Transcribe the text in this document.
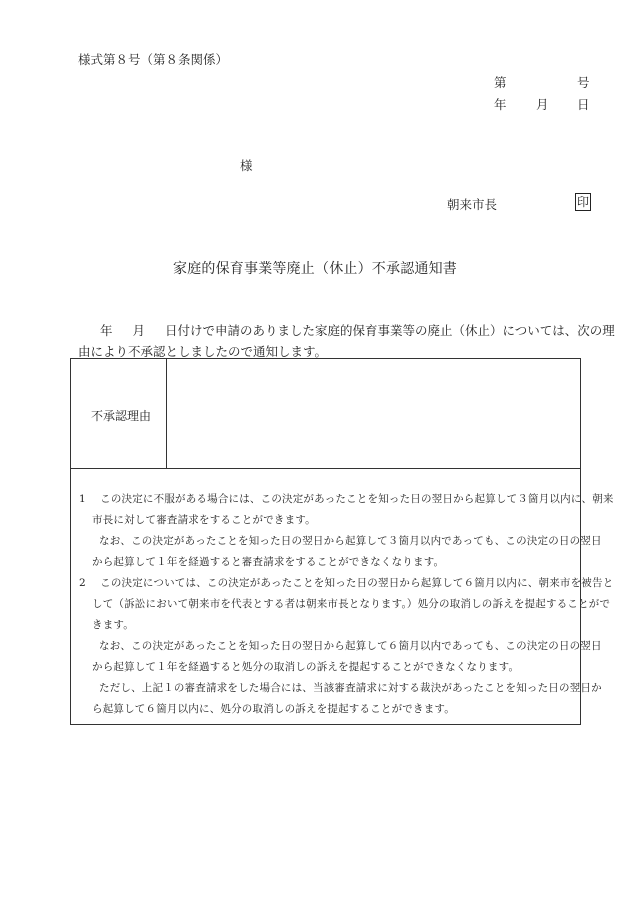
様式第８号（第８条関係）
第	号
年 月 日
様
朝来市長	印
家庭的保育事業等廃止（休止）不承認通知書
年 月 日付けで申請のありました家庭的保育事業等の廃止（休止）については、次の理
由により不承認としましたので通知します。
不承認理由
1　 この決定に不服がある場合には、この決定があったことを知った日の翌日から起算して３箇月以内に、朝来
市長に対して審査請求をすることができます。
なお、この決定があったことを知った日の翌日から起算して３箇月以内であっても、この決定の日の翌日
から起算して１年を経過すると審査請求をすることができなくなります。
2　 この決定については、この決定があったことを知った日の翌日から起算して６箇月以内に、朝来市を被告と
して（訴訟において朝来市を代表とする者は朝来市長となります。）処分の取消しの訴えを提起することがで
きます。
なお、この決定があったことを知った日の翌日から起算して６箇月以内であっても、この決定の日の翌日
から起算して１年を経過すると処分の取消しの訴えを提起することができなくなります。
ただし、上記１の審査請求をした場合には、当該審査請求に対する裁決があったことを知った日の翌日か
ら起算して６箇月以内に、処分の取消しの訴えを提起することができます。
